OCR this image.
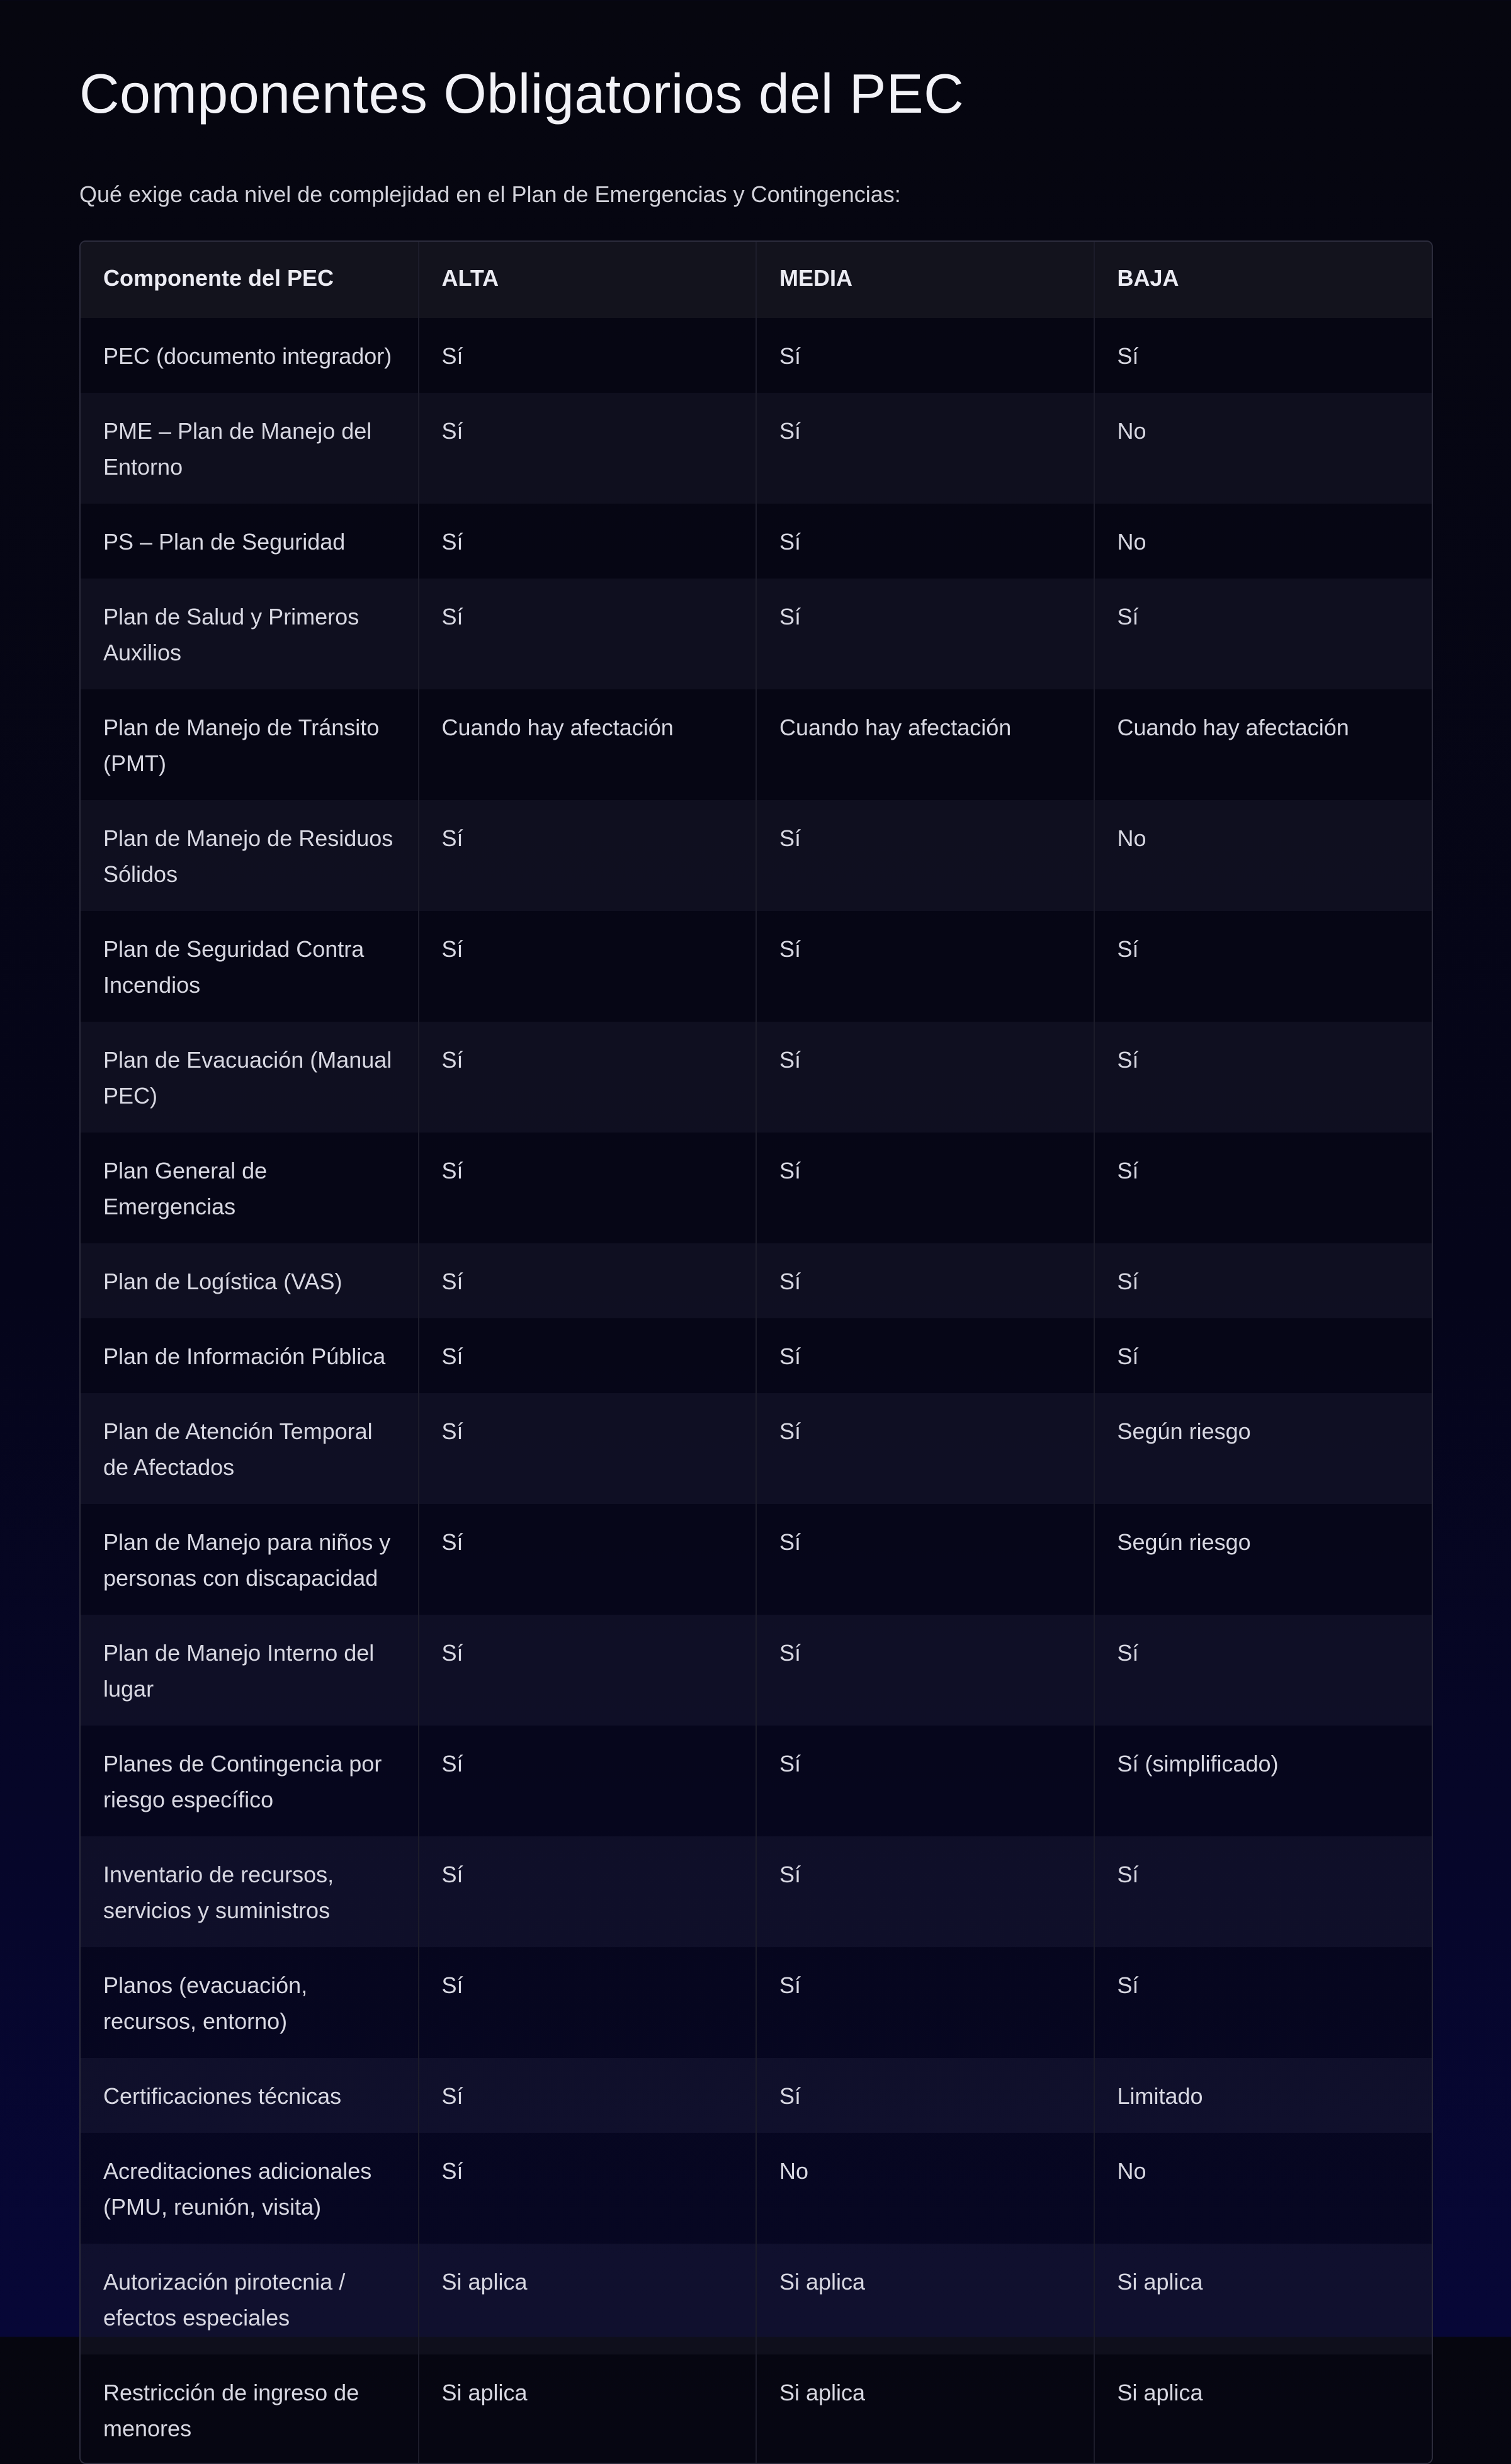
Componentes Obligatorios del PEC

Qué exige cada nivel de complejidad en el Plan de Emergencias y Contingencias:

Componente del PEC	ALTA	MEDIA	BAJA
PEC (documento integrador)	Sí	Sí	Sí
PME – Plan de Manejo del Entorno	Sí	Sí	No
PS – Plan de Seguridad	Sí	Sí	No
Plan de Salud y Primeros Auxilios	Sí	Sí	Sí
Plan de Manejo de Tránsito (PMT)	Cuando hay afectación	Cuando hay afectación	Cuando hay afectación
Plan de Manejo de Residuos Sólidos	Sí	Sí	No
Plan de Seguridad Contra Incendios	Sí	Sí	Sí
Plan de Evacuación (Manual PEC)	Sí	Sí	Sí
Plan General de Emergencias	Sí	Sí	Sí
Plan de Logística (VAS)	Sí	Sí	Sí
Plan de Información Pública	Sí	Sí	Sí
Plan de Atención Temporal de Afectados	Sí	Sí	Según riesgo
Plan de Manejo para niños y personas con discapacidad	Sí	Sí	Según riesgo
Plan de Manejo Interno del lugar	Sí	Sí	Sí
Planes de Contingencia por riesgo específico	Sí	Sí	Sí (simplificado)
Inventario de recursos, servicios y suministros	Sí	Sí	Sí
Planos (evacuación, recursos, entorno)	Sí	Sí	Sí
Certificaciones técnicas	Sí	Sí	Limitado
Acreditaciones adicionales (PMU, reunión, visita)	Sí	No	No
Autorización pirotecnia / efectos especiales	Si aplica	Si aplica	Si aplica
Restricción de ingreso de menores	Si aplica	Si aplica	Si aplica
